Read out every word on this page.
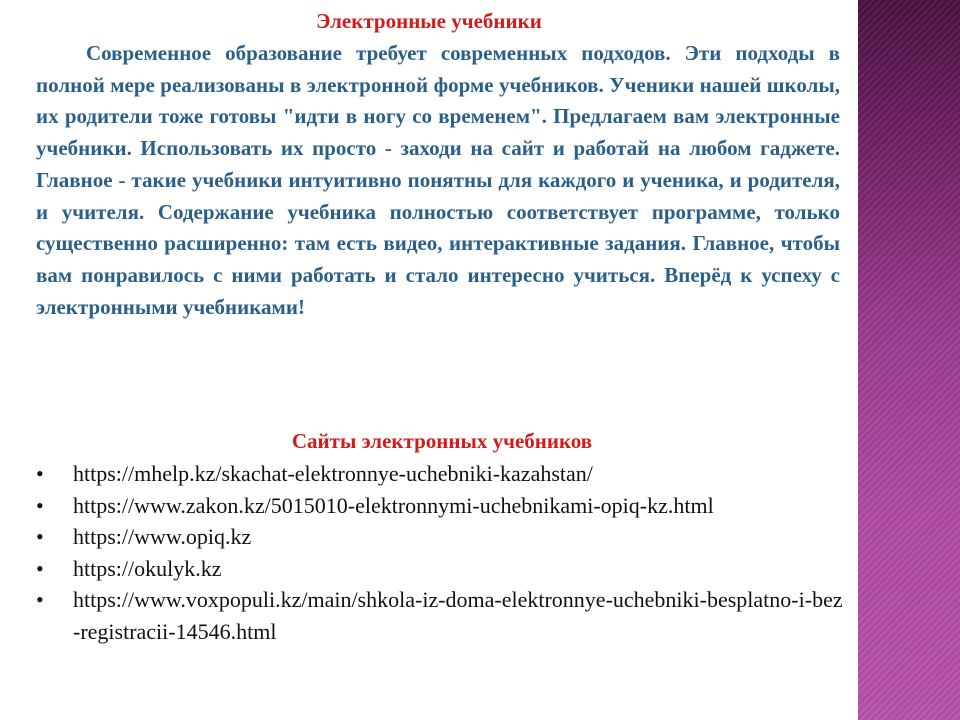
Электронные учебники

Современное образование требует современных подходов. Эти подходы в полной мере реализованы в электронной форме учебников. Ученики нашей школы, их родители тоже готовы "идти в ногу со временем". Предлагаем вам электронные учебники. Использовать их просто - заходи на сайт и работай на любом гаджете. Главное - такие учебники интуитивно понятны для каждого и ученика, и родителя, и учителя. Содержание учебника полностью соответствует программе, только существенно расширенно: там есть видео, интерактивные задания. Главное, чтобы вам понравилось с ними работать и стало интересно учиться. Вперёд к успеху с электронными учебниками!

Сайты электронных учебников
• https://mhelp.kz/skachat-elektronnye-uchebniki-kazahstan/
• https://www.zakon.kz/5015010-elektronnymi-uchebnikami-opiq-kz.html
• https://www.opiq.kz
• https://okulyk.kz
• https://www.voxpopuli.kz/main/shkola-iz-doma-elektronnye-uchebniki-besplatno-i-bez-registracii-14546.html
